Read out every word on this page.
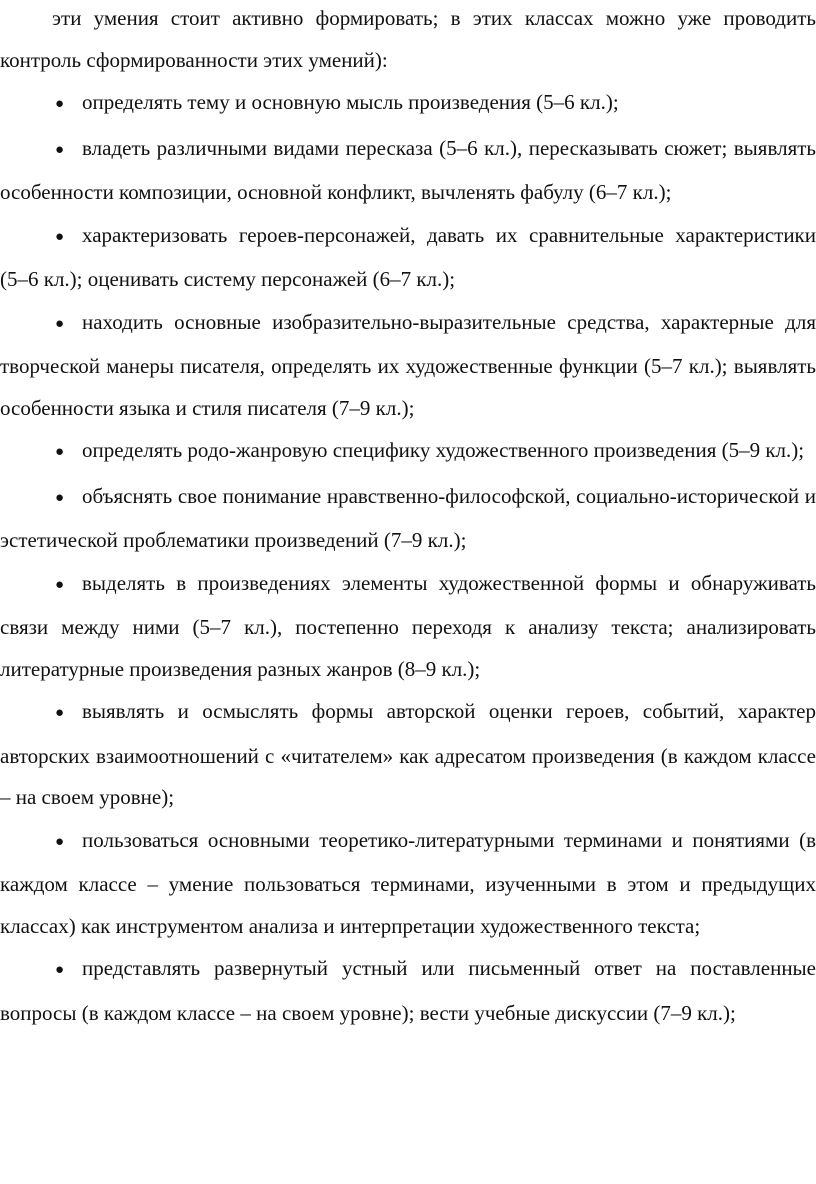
эти умения стоит активно формировать; в этих классах можно уже проводить контроль сформированности этих умений):

● определять тему и основную мысль произведения (5–6 кл.);

● владеть различными видами пересказа (5–6 кл.), пересказывать сюжет; выявлять особенности композиции, основной конфликт, вычленять фабулу (6–7 кл.);

● характеризовать героев-персонажей, давать их сравнительные характеристики (5–6 кл.); оценивать систему персонажей (6–7 кл.);

● находить основные изобразительно-выразительные средства, характерные для творческой манеры писателя, определять их художественные функции (5–7 кл.); выявлять особенности языка и стиля писателя (7–9 кл.);

● определять родо-жанровую специфику художественного произведения (5–9 кл.);

● объяснять свое понимание нравственно-философской, социально-исторической и эстетической проблематики произведений (7–9 кл.);

● выделять в произведениях элементы художественной формы и обнаруживать связи между ними (5–7 кл.), постепенно переходя к анализу текста; анализировать литературные произведения разных жанров (8–9 кл.);

● выявлять и осмыслять формы авторской оценки героев, событий, характер авторских взаимоотношений с «читателем» как адресатом произведения (в каждом классе – на своем уровне);

● пользоваться основными теоретико-литературными терминами и понятиями (в каждом классе – умение пользоваться терминами, изученными в этом и предыдущих классах) как инструментом анализа и интерпретации художественного текста;

● представлять развернутый устный или письменный ответ на поставленные вопросы (в каждом классе – на своем уровне); вести учебные дискуссии (7–9 кл.);
